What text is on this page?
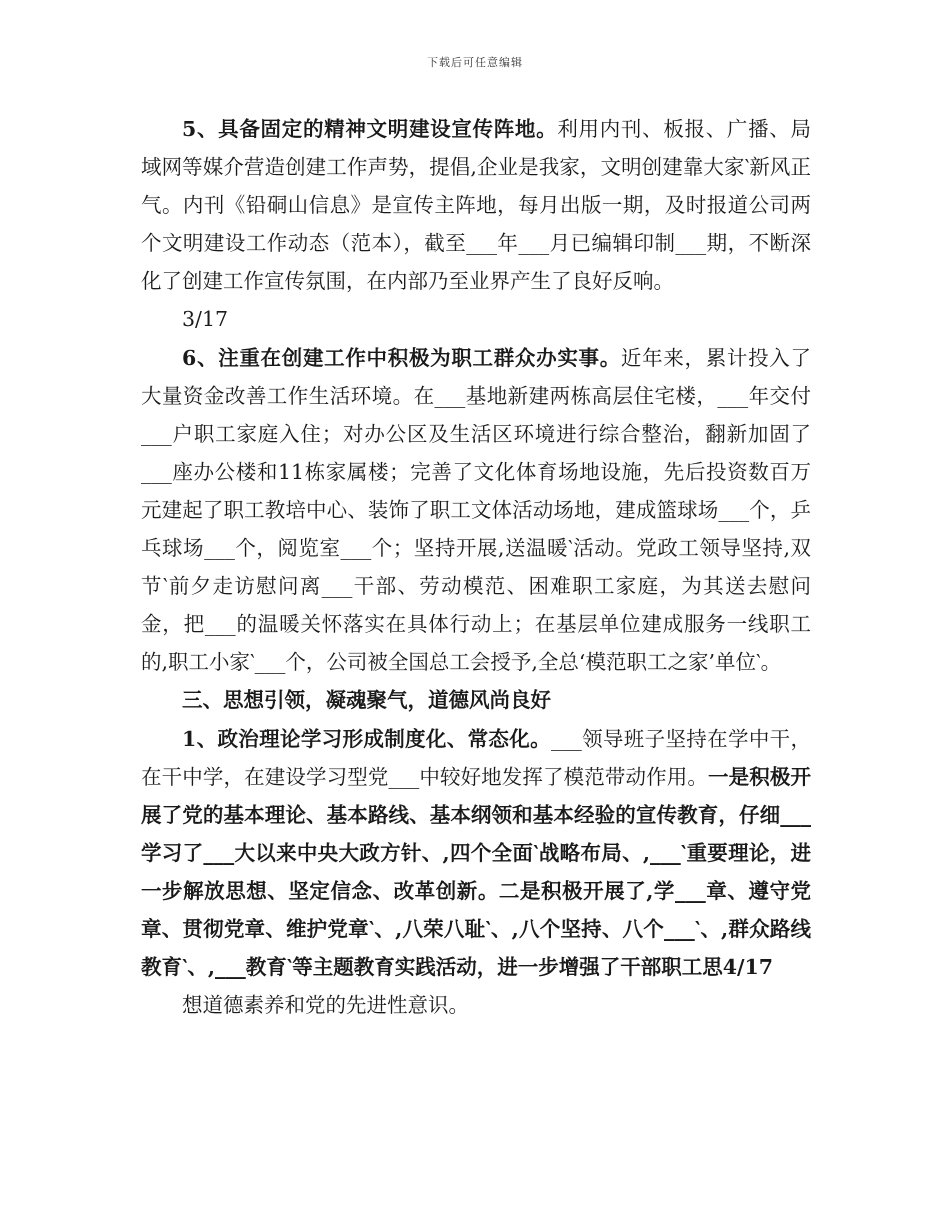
下载后可任意编辑

5、具备固定的精神文明建设宣传阵地。利用内刊、板报、广播、局域网等媒介营造创建工作声势，提倡,企业是我家，文明创建靠大家‵新风正气。内刊《铅硐山信息》是宣传主阵地，每月出版一期，及时报道公司两个文明建设工作动态（范本），截至___年___月已编辑印制___期，不断深化了创建工作宣传氛围，在内部乃至业界产生了良好反响。

3/17

6、注重在创建工作中积极为职工群众办实事。近年来，累计投入了大量资金改善工作生活环境。在___基地新建两栋高层住宅楼，___年交付___户职工家庭入住；对办公区及生活区环境进行综合整治，翻新加固了___座办公楼和11栋家属楼；完善了文化体育场地设施，先后投资数百万元建起了职工教培中心、装饰了职工文体活动场地，建成篮球场___个，乒乓球场___个，阅览室___个；坚持开展,送温暖‵活动。党政工领导坚持,双节‵前夕走访慰问离___干部、劳动模范、困难职工家庭，为其送去慰问金，把___的温暖关怀落实在具体行动上；在基层单位建成服务一线职工的,职工小家‵___个，公司被全国总工会授予,全总‘模范职工之家’单位‵。

三、思想引领，凝魂聚气，道德风尚良好

1、政治理论学习形成制度化、常态化。___领导班子坚持在学中干，在干中学，在建设学习型党___中较好地发挥了模范带动作用。一是积极开展了党的基本理论、基本路线、基本纲领和基本经验的宣传教育，仔细___学习了___大以来中央大政方针、,四个全面‵战略布局、,___‵重要理论，进一步解放思想、坚定信念、改革创新。二是积极开展了,学___章、遵守党章、贯彻党章、维护党章‵、,八荣八耻‵、,八个坚持、八个___‵、,群众路线教育‵、,___教育‵等主题教育实践活动，进一步增强了干部职工思4/17

想道德素养和党的先进性意识。
